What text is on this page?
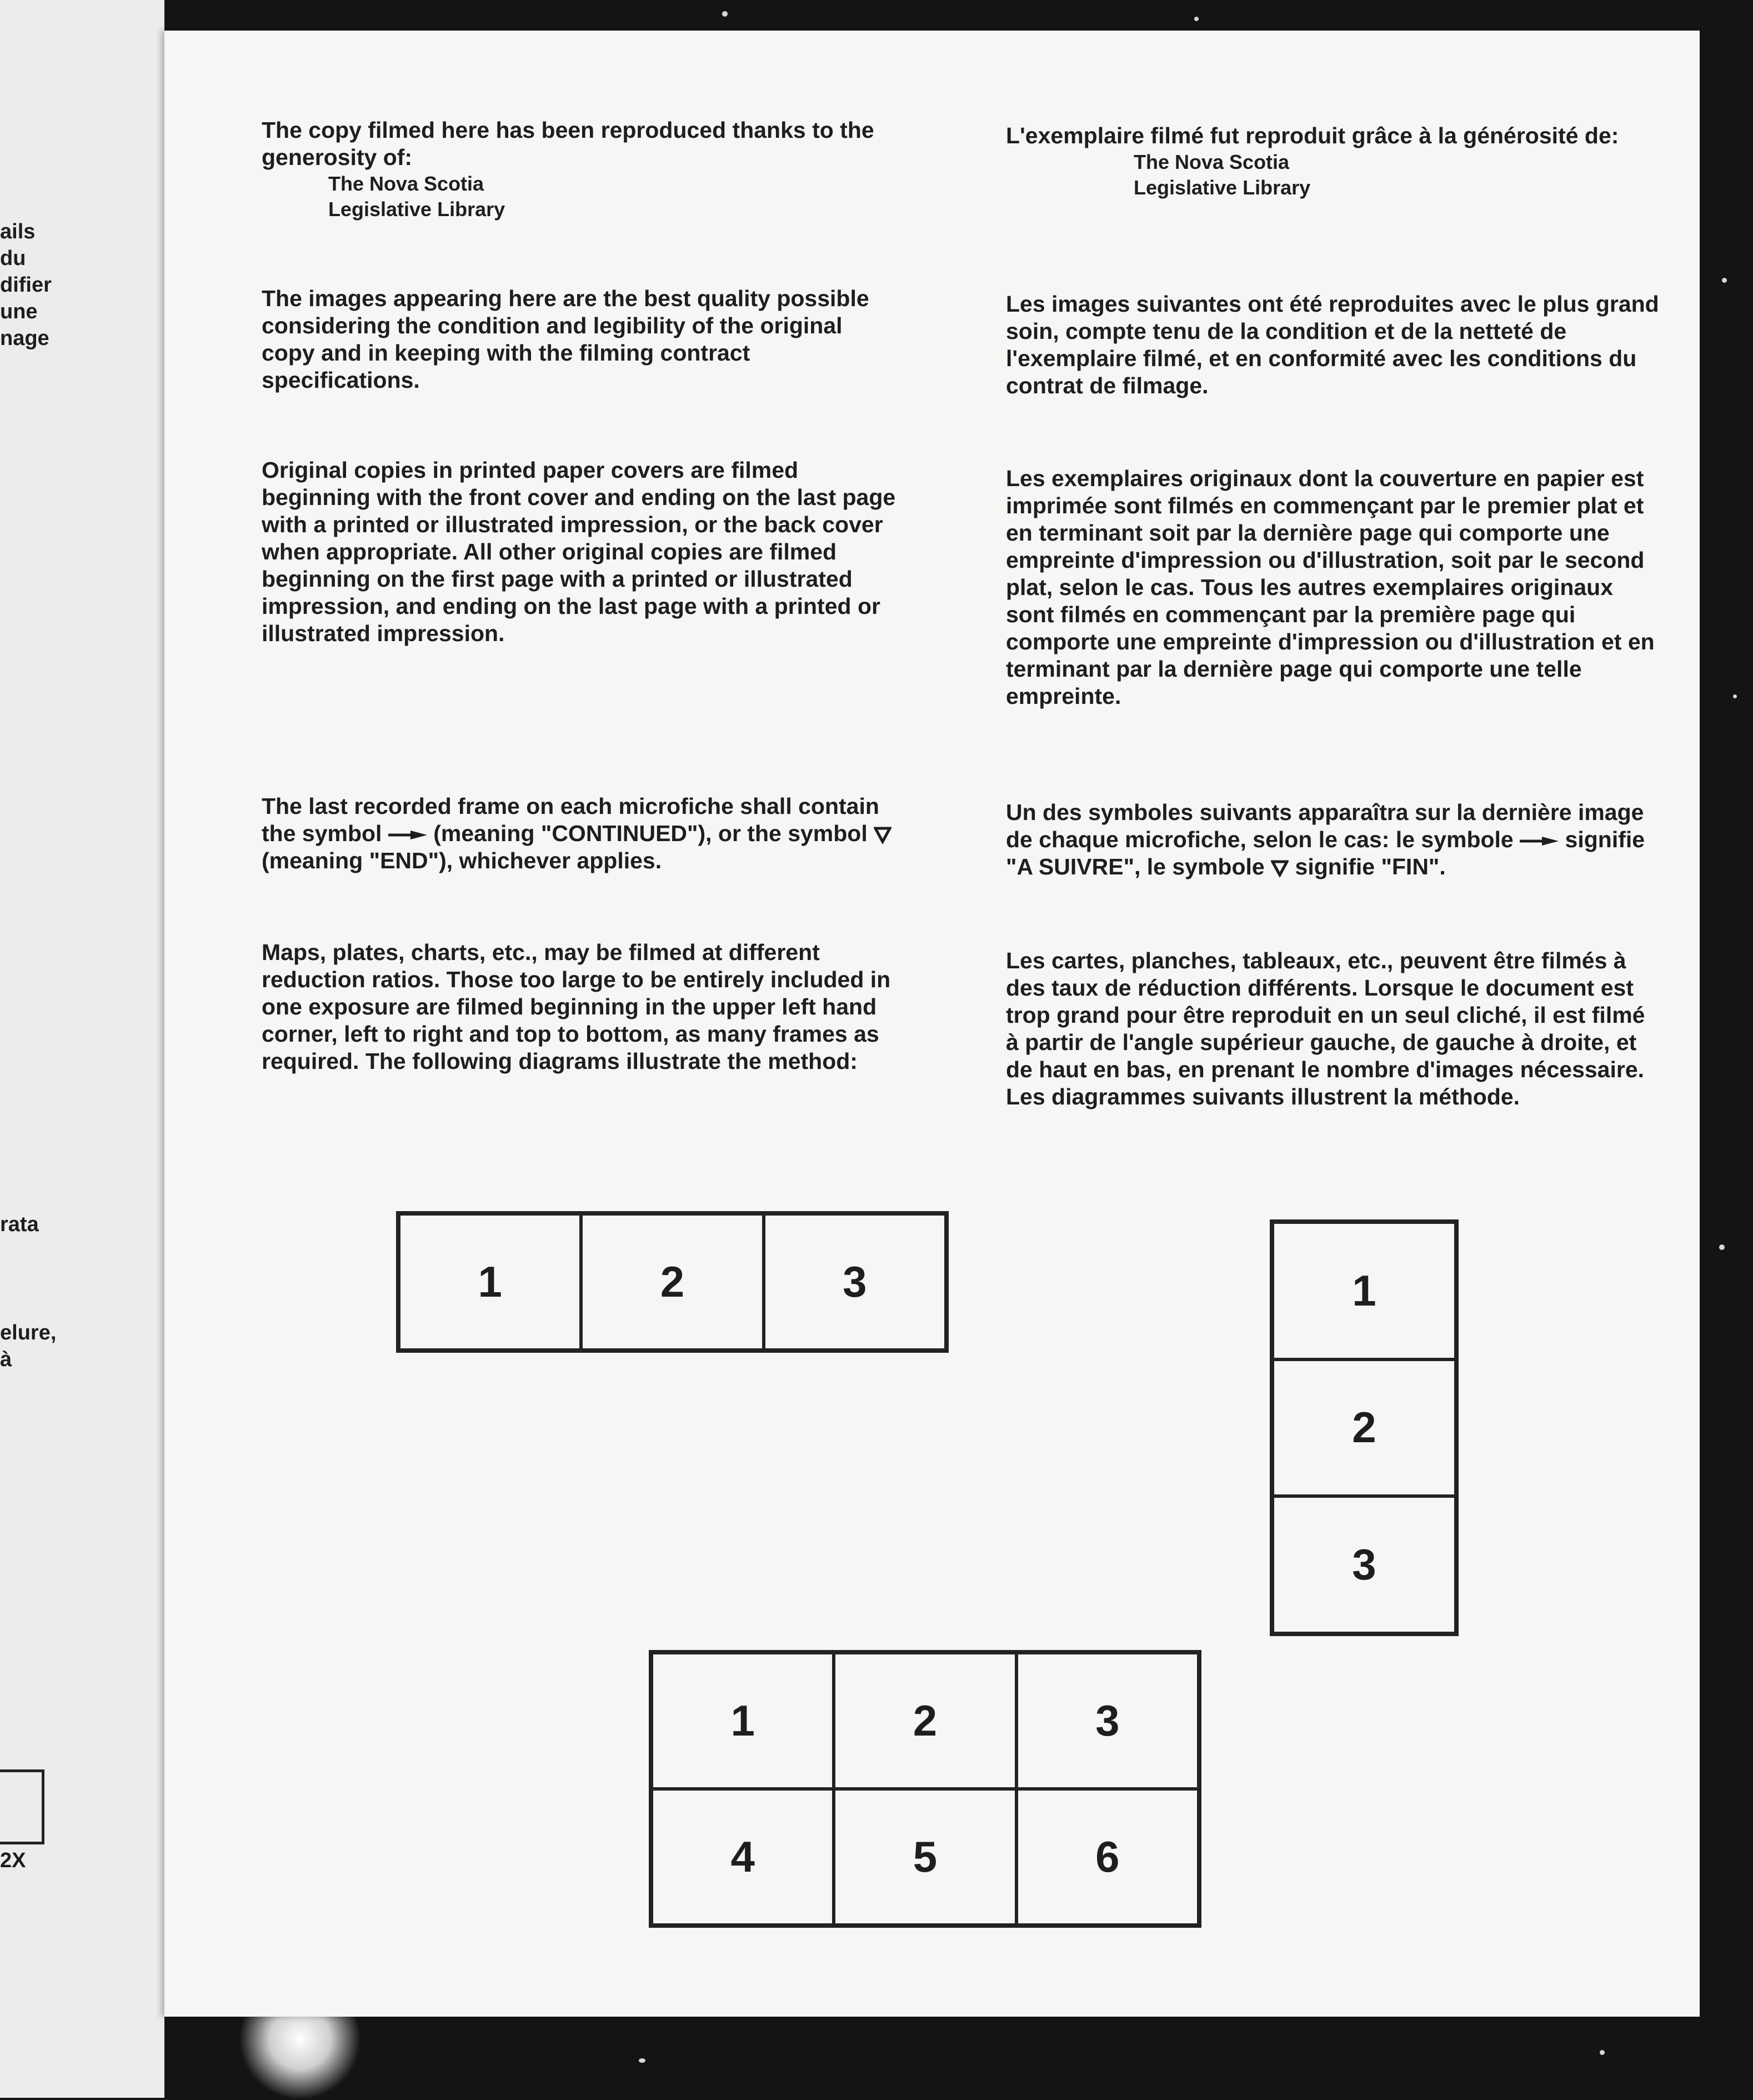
ails
du
difier
une
nage
rata
elure,
à
2X

The copy filmed here has been reproduced thanks to the generosity of:

The Nova Scotia
Legislative Library

The images appearing here are the best quality possible considering the condition and legibility of the original copy and in keeping with the filming contract specifications.

Original copies in printed paper covers are filmed beginning with the front cover and ending on the last page with a printed or illustrated impression, or the back cover when appropriate. All other original copies are filmed beginning on the first page with a printed or illustrated impression, and ending on the last page with a printed or illustrated impression.

The last recorded frame on each microfiche shall contain the symbol (meaning "CONTINUED"), or the symbol  (meaning "END"), whichever applies.

Maps, plates, charts, etc., may be filmed at different reduction ratios. Those too large to be entirely included in one exposure are filmed beginning in the upper left hand corner, left to right and top to bottom, as many frames as required. The following diagrams illustrate the method:

L'exemplaire filmé fut reproduit grâce à la générosité de:

The Nova Scotia
Legislative Library

Les images suivantes ont été reproduites avec le plus grand soin, compte tenu de la condition et de la netteté de l'exemplaire filmé, et en conformité avec les conditions du contrat de filmage.

Les exemplaires originaux dont la couverture en papier est imprimée sont filmés en commençant par le premier plat et en terminant soit par la dernière page qui comporte une empreinte d'impression ou d'illustration, soit par le second plat, selon le cas. Tous les autres exemplaires originaux sont filmés en commençant par la première page qui comporte une empreinte d'impression ou d'illustration et en terminant par la dernière page qui comporte une telle empreinte.

Un des symboles suivants apparaîtra sur la dernière image de chaque microfiche, selon le cas: le symbole signifie "A SUIVRE", le symbole signifie "FIN".

Les cartes, planches, tableaux, etc., peuvent être filmés à des taux de réduction différents. Lorsque le document est trop grand pour être reproduit en un seul cliché, il est filmé à partir de l'angle supérieur gauche, de gauche à droite, et de haut en bas, en prenant le nombre d'images nécessaire. Les diagrammes suivants illustrent la méthode.

1	2	3	1
2
3
1	2	3
4	5	6
